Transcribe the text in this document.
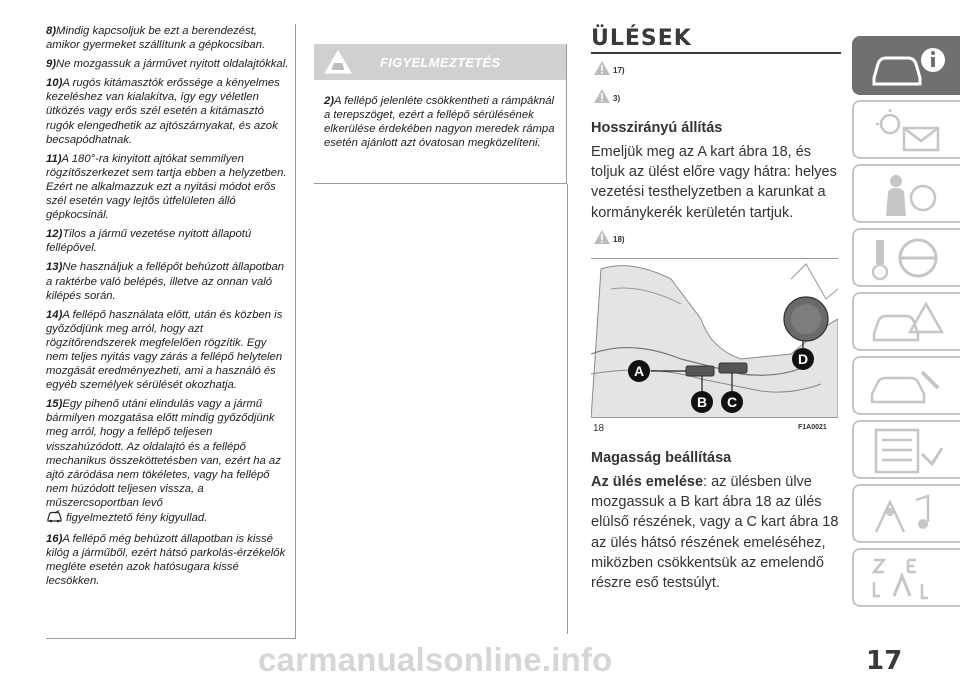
8)Mindig kapcsoljuk be ezt a berendezést, amikor gyermeket szállítunk a gépkocsiban.

9)Ne mozgassuk a járművet nyitott oldalajtókkal.

10)A rugós kitámasztók erőssége a kényelmes kezeléshez van kialakítva, így egy véletlen ütközés vagy erős szél esetén a kitámasztó rugók elengedhetik az ajtószárnyakat, és azok becsapódhatnak.

11)A 180°-ra kinyitott ajtókat semmilyen rögzítőszerkezet sem tartja ebben a helyzetben. Ezért ne alkalmazzuk ezt a nyitási módot erős szél esetén vagy lejtős útfelületen álló gépkocsinál.

12)Tilos a jármű vezetése nyitott állapotú fellépővel.

13)Ne használjuk a fellépőt behúzott állapotban a raktérbe való belépés, illetve az onnan való kilépés során.

14)A fellépő használata előtt, után és közben is győződjünk meg arról, hogy azt rögzítőrendszerek megfelelően rögzítik. Egy nem teljes nyitás vagy zárás a fellépő helytelen mozgását eredményezheti, ami a használó és egyéb személyek sérülését okozhatja.

15)Egy pihenő utáni elindulás vagy a jármű bármilyen mozgatása előtt mindig győződjünk meg arról, hogy a fellépő teljesen visszahúzódott. Az oldalajtó és a fellépő mechanikus összeköttetésben van, ezért ha az ajtó záródása nem tökéletes, vagy ha fellépő nem húzódott teljesen vissza, a műszercsoportban levő
figyelmeztető fény kigyullad.

16)A fellépő még behúzott állapotban is kissé kilóg a járműből, ezért hátsó parkolás-érzékelők megléte esetén azok hatósugara kissé lecsökken.

FIGYELMEZTETÉS

2)A fellépő jelenléte csökkentheti a rámpáknál a terepszöget, ezért a fellépő sérülésének elkerülése érdekében nagyon meredek rámpa esetén ajánlott azt óvatosan megközelíteni.

ÜLÉSEK
17)
3)
Hosszirányú állítás

Emeljük meg az A kart ábra 18, és toljuk az ülést előre vagy hátra: helyes vezetési testhelyzetben a karunkat a kormánykerék kerületén tartjuk.

18)
A
B C
D
18	F1A0021
Magasság beállítása

Az ülés emelése: az ülésben ülve mozgassuk a B kart ábra 18 az ülés elülső részének, vagy a C kart ábra 18 az ülés hátsó részének emeléséhez, miközben csökkentsük az emelendő részre eső testsúlyt.

17
carmanualsonline.info
